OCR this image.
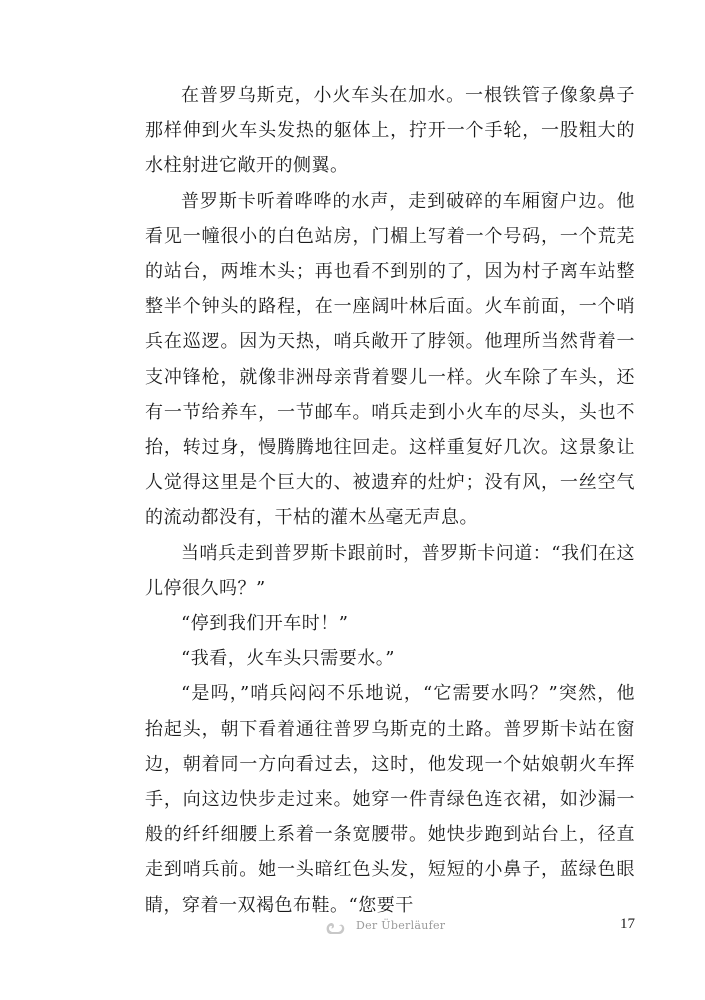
在普罗乌斯克，小火车头在加水。一根铁管子像象鼻子那样伸到火车头发热的躯体上，拧开一个手轮，一股粗大的水柱射进它敞开的侧翼。

普罗斯卡听着哗哗的水声，走到破碎的车厢窗户边。他看见一幢很小的白色站房，门楣上写着一个号码，一个荒芜的站台，两堆木头；再也看不到别的了，因为村子离车站整整半个钟头的路程，在一座阔叶林后面。火车前面，一个哨兵在巡逻。因为天热，哨兵敞开了脖领。他理所当然背着一支冲锋枪，就像非洲母亲背着婴儿一样。火车除了车头，还有一节给养车，一节邮车。哨兵走到小火车的尽头，头也不抬，转过身，慢腾腾地往回走。这样重复好几次。这景象让人觉得这里是个巨大的、被遗弃的灶炉；没有风，一丝空气的流动都没有，干枯的灌木丛毫无声息。

当哨兵走到普罗斯卡跟前时，普罗斯卡问道：“我们在这儿停很久吗？”

“停到我们开车时！”

“我看，火车头只需要水。”

“是吗，”哨兵闷闷不乐地说，“它需要水吗？”突然，他抬起头，朝下看着通往普罗乌斯克的土路。普罗斯卡站在窗边，朝着同一方向看过去，这时，他发现一个姑娘朝火车挥手，向这边快步走过来。她穿一件青绿色连衣裙，如沙漏一般的纤纤细腰上系着一条宽腰带。她快步跑到站台上，径直走到哨兵前。她一头暗红色头发，短短的小鼻子，蓝绿色眼睛，穿着一双褐色布鞋。“您要干

Der Überläufer	17
